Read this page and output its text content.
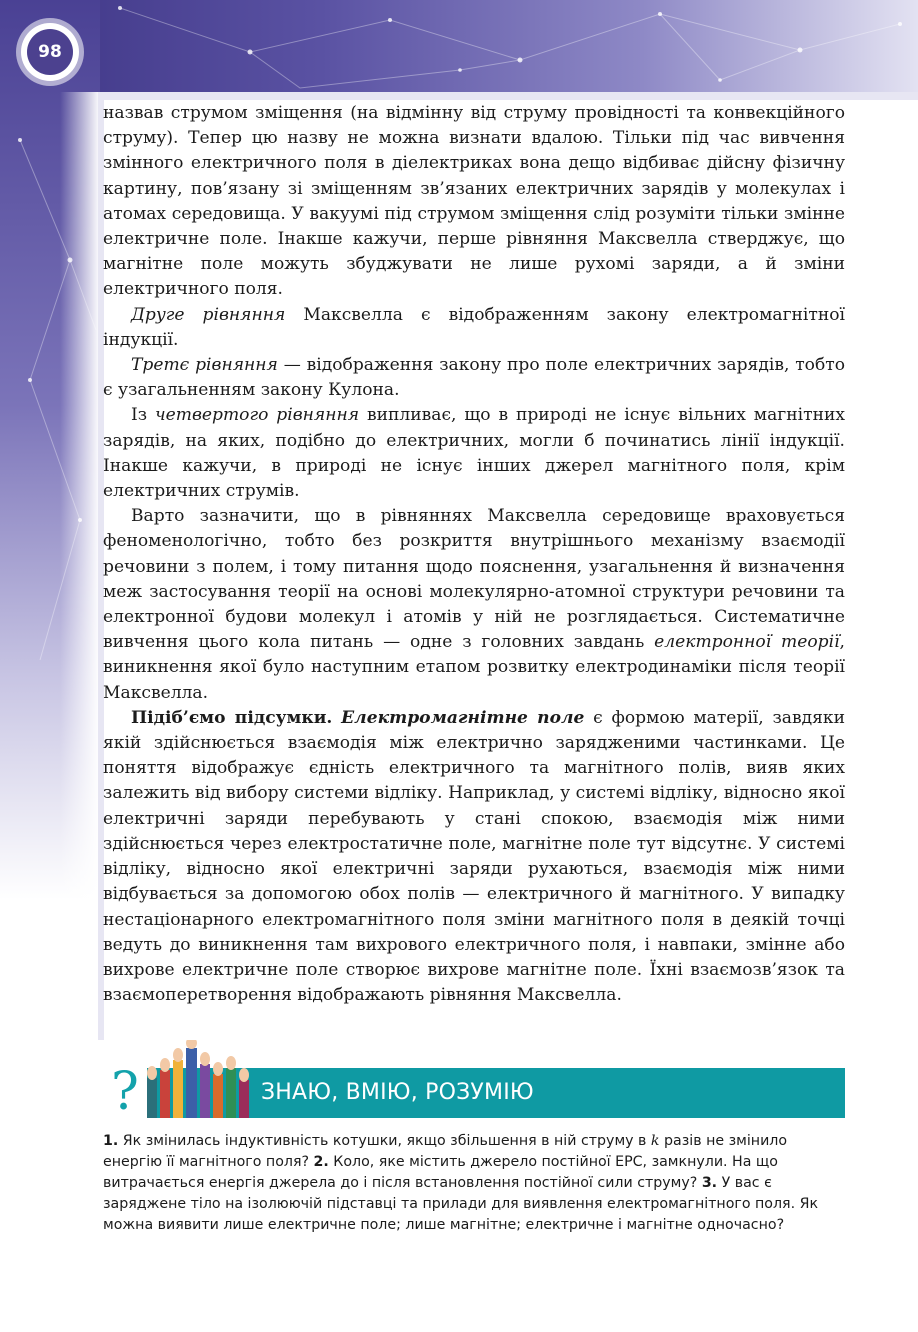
98

назвав струмом зміщення (на відмінну від струму провідності та конвекційного струму). Тепер цю назву не можна визнати вдалою. Тільки під час вивчення змінного електричного поля в діелектриках вона дещо відбиває дійсну фізичну картину, пов’язану зі зміщенням зв’язаних електричних зарядів у молекулах і атомах середовища. У вакуумі під струмом зміщення слід розуміти тільки змінне електричне поле. Інакше кажучи, перше рівняння Максвелла стверджує, що магнітне поле можуть збуджувати не лише рухомі заряди, а й зміни електричного поля.

Друге рівняння Максвелла є відображенням закону електромагнітної індукції.

Третє рівняння — відображення закону про поле електричних зарядів, тобто є узагальненням закону Кулона.

Із четвертого рівняння випливає, що в природі не існує вільних магнітних зарядів, на яких, подібно до електричних, могли б починатись лінії індукції. Інакше кажучи, в природі не існує інших джерел магнітного поля, крім електричних струмів.

Варто зазначити, що в рівняннях Максвелла середовище враховується феноменологічно, тобто без розкриття внутрішнього механізму взаємодії речовини з полем, і тому питання щодо пояснення, узагальнення й визначення меж застосування теорії на основі молекулярно-атомної структури речовини та електронної будови молекул і атомів у ній не розглядається. Систематичне вивчення цього кола питань — одне з головних завдань електронної теорії, виникнення якої було наступним етапом розвитку електродинаміки після теорії Максвелла.

Підіб’ємо підсумки. Електромагнітне поле є формою матерії, завдяки якій здійснюється взаємодія між електрично зарядженими частинками. Це поняття відображує єдність електричного та магнітного полів, вияв яких залежить від вибору системи відліку. Наприклад, у системі відліку, відносно якої електричні заряди перебувають у стані спокою, взаємодія між ними здійснюється через електростатичне поле, магнітне поле тут відсутнє. У системі відліку, відносно якої електричні заряди рухаються, взаємодія між ними відбувається за допомогою обох полів — електричного й магнітного. У випадку нестаціонарного електромагнітного поля зміни магнітного поля в деякій точці ведуть до виникнення там вихрового електричного поля, і навпаки, змінне або вихрове електричне поле створює вихрове магнітне поле. Їхні взаємозв’язок та взаємоперетворення відображають рівняння Максвелла.

?	ЗНАЮ, ВМІЮ, РОЗУМІЮ
1. Як змінилась індуктивність котушки, якщо збільшення в ній струму в k разів не змінило енергію її магнітного поля? 2. Коло, яке містить джерело постійної ЕРС, замкнули. На що витрачається енергія джерела до і після встановлення постійної сили струму? 3. У вас є заряджене тіло на ізолюючій підставці та прилади для виявлення електромагнітного поля. Як можна виявити лише електричне поле; лише магнітне; електричне і магнітне одночасно?
